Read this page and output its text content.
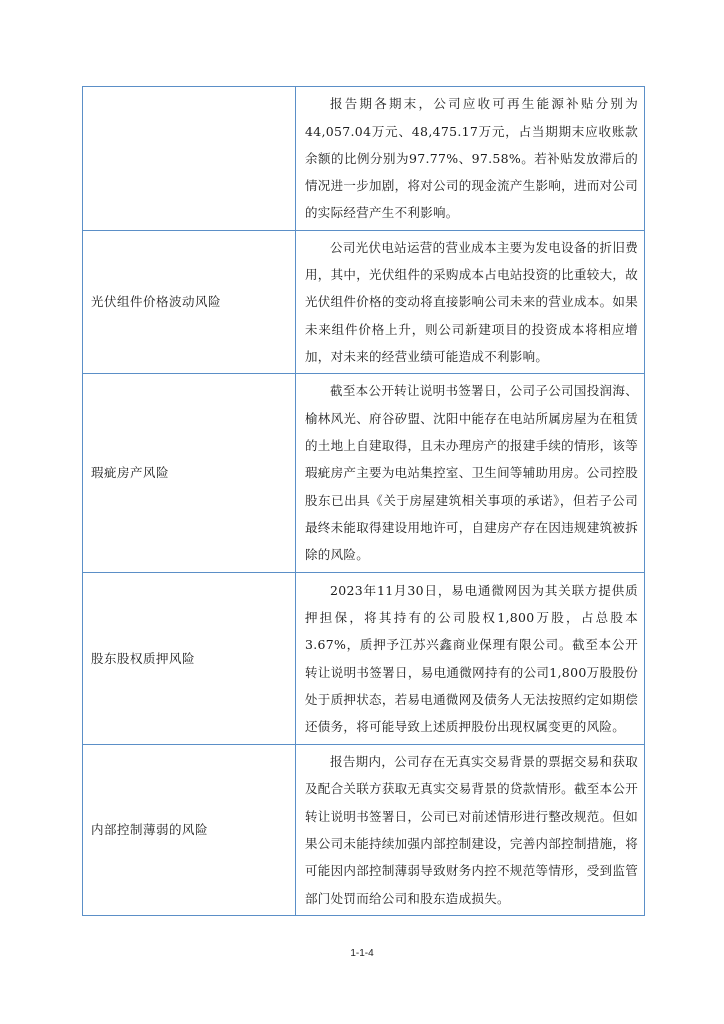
	报告期各期末，公司应收可再生能源补贴分别为44,057.04万元、48,475.17万元，占当期期末应收账款余额的比例分别为97.77%、97.58%。若补贴发放滞后的情况进一步加剧，将对公司的现金流产生影响，进而对公司的实际经营产生不利影响。
光伏组件价格波动风险	公司光伏电站运营的营业成本主要为发电设备的折旧费用，其中，光伏组件的采购成本占电站投资的比重较大，故光伏组件价格的变动将直接影响公司未来的营业成本。如果未来组件价格上升，则公司新建项目的投资成本将相应增加，对未来的经营业绩可能造成不利影响。
瑕疵房产风险	截至本公开转让说明书签署日，公司子公司国投润海、榆林风光、府谷矽盟、沈阳中能存在电站所属房屋为在租赁的土地上自建取得，且未办理房产的报建手续的情形，该等瑕疵房产主要为电站集控室、卫生间等辅助用房。公司控股股东已出具《关于房屋建筑相关事项的承诺》，但若子公司最终未能取得建设用地许可，自建房产存在因违规建筑被拆除的风险。
股东股权质押风险	2023年11月30日，易电通微网因为其关联方提供质押担保，将其持有的公司股权1,800万股，占总股本3.67%，质押予江苏兴鑫商业保理有限公司。截至本公开转让说明书签署日，易电通微网持有的公司1,800万股股份处于质押状态，若易电通微网及债务人无法按照约定如期偿还债务，将可能导致上述质押股份出现权属变更的风险。
内部控制薄弱的风险	报告期内，公司存在无真实交易背景的票据交易和获取及配合关联方获取无真实交易背景的贷款情形。截至本公开转让说明书签署日，公司已对前述情形进行整改规范。但如果公司未能持续加强内部控制建设，完善内部控制措施，将可能因内部控制薄弱导致财务内控不规范等情形，受到监管部门处罚而给公司和股东造成损失。
1-1-4
